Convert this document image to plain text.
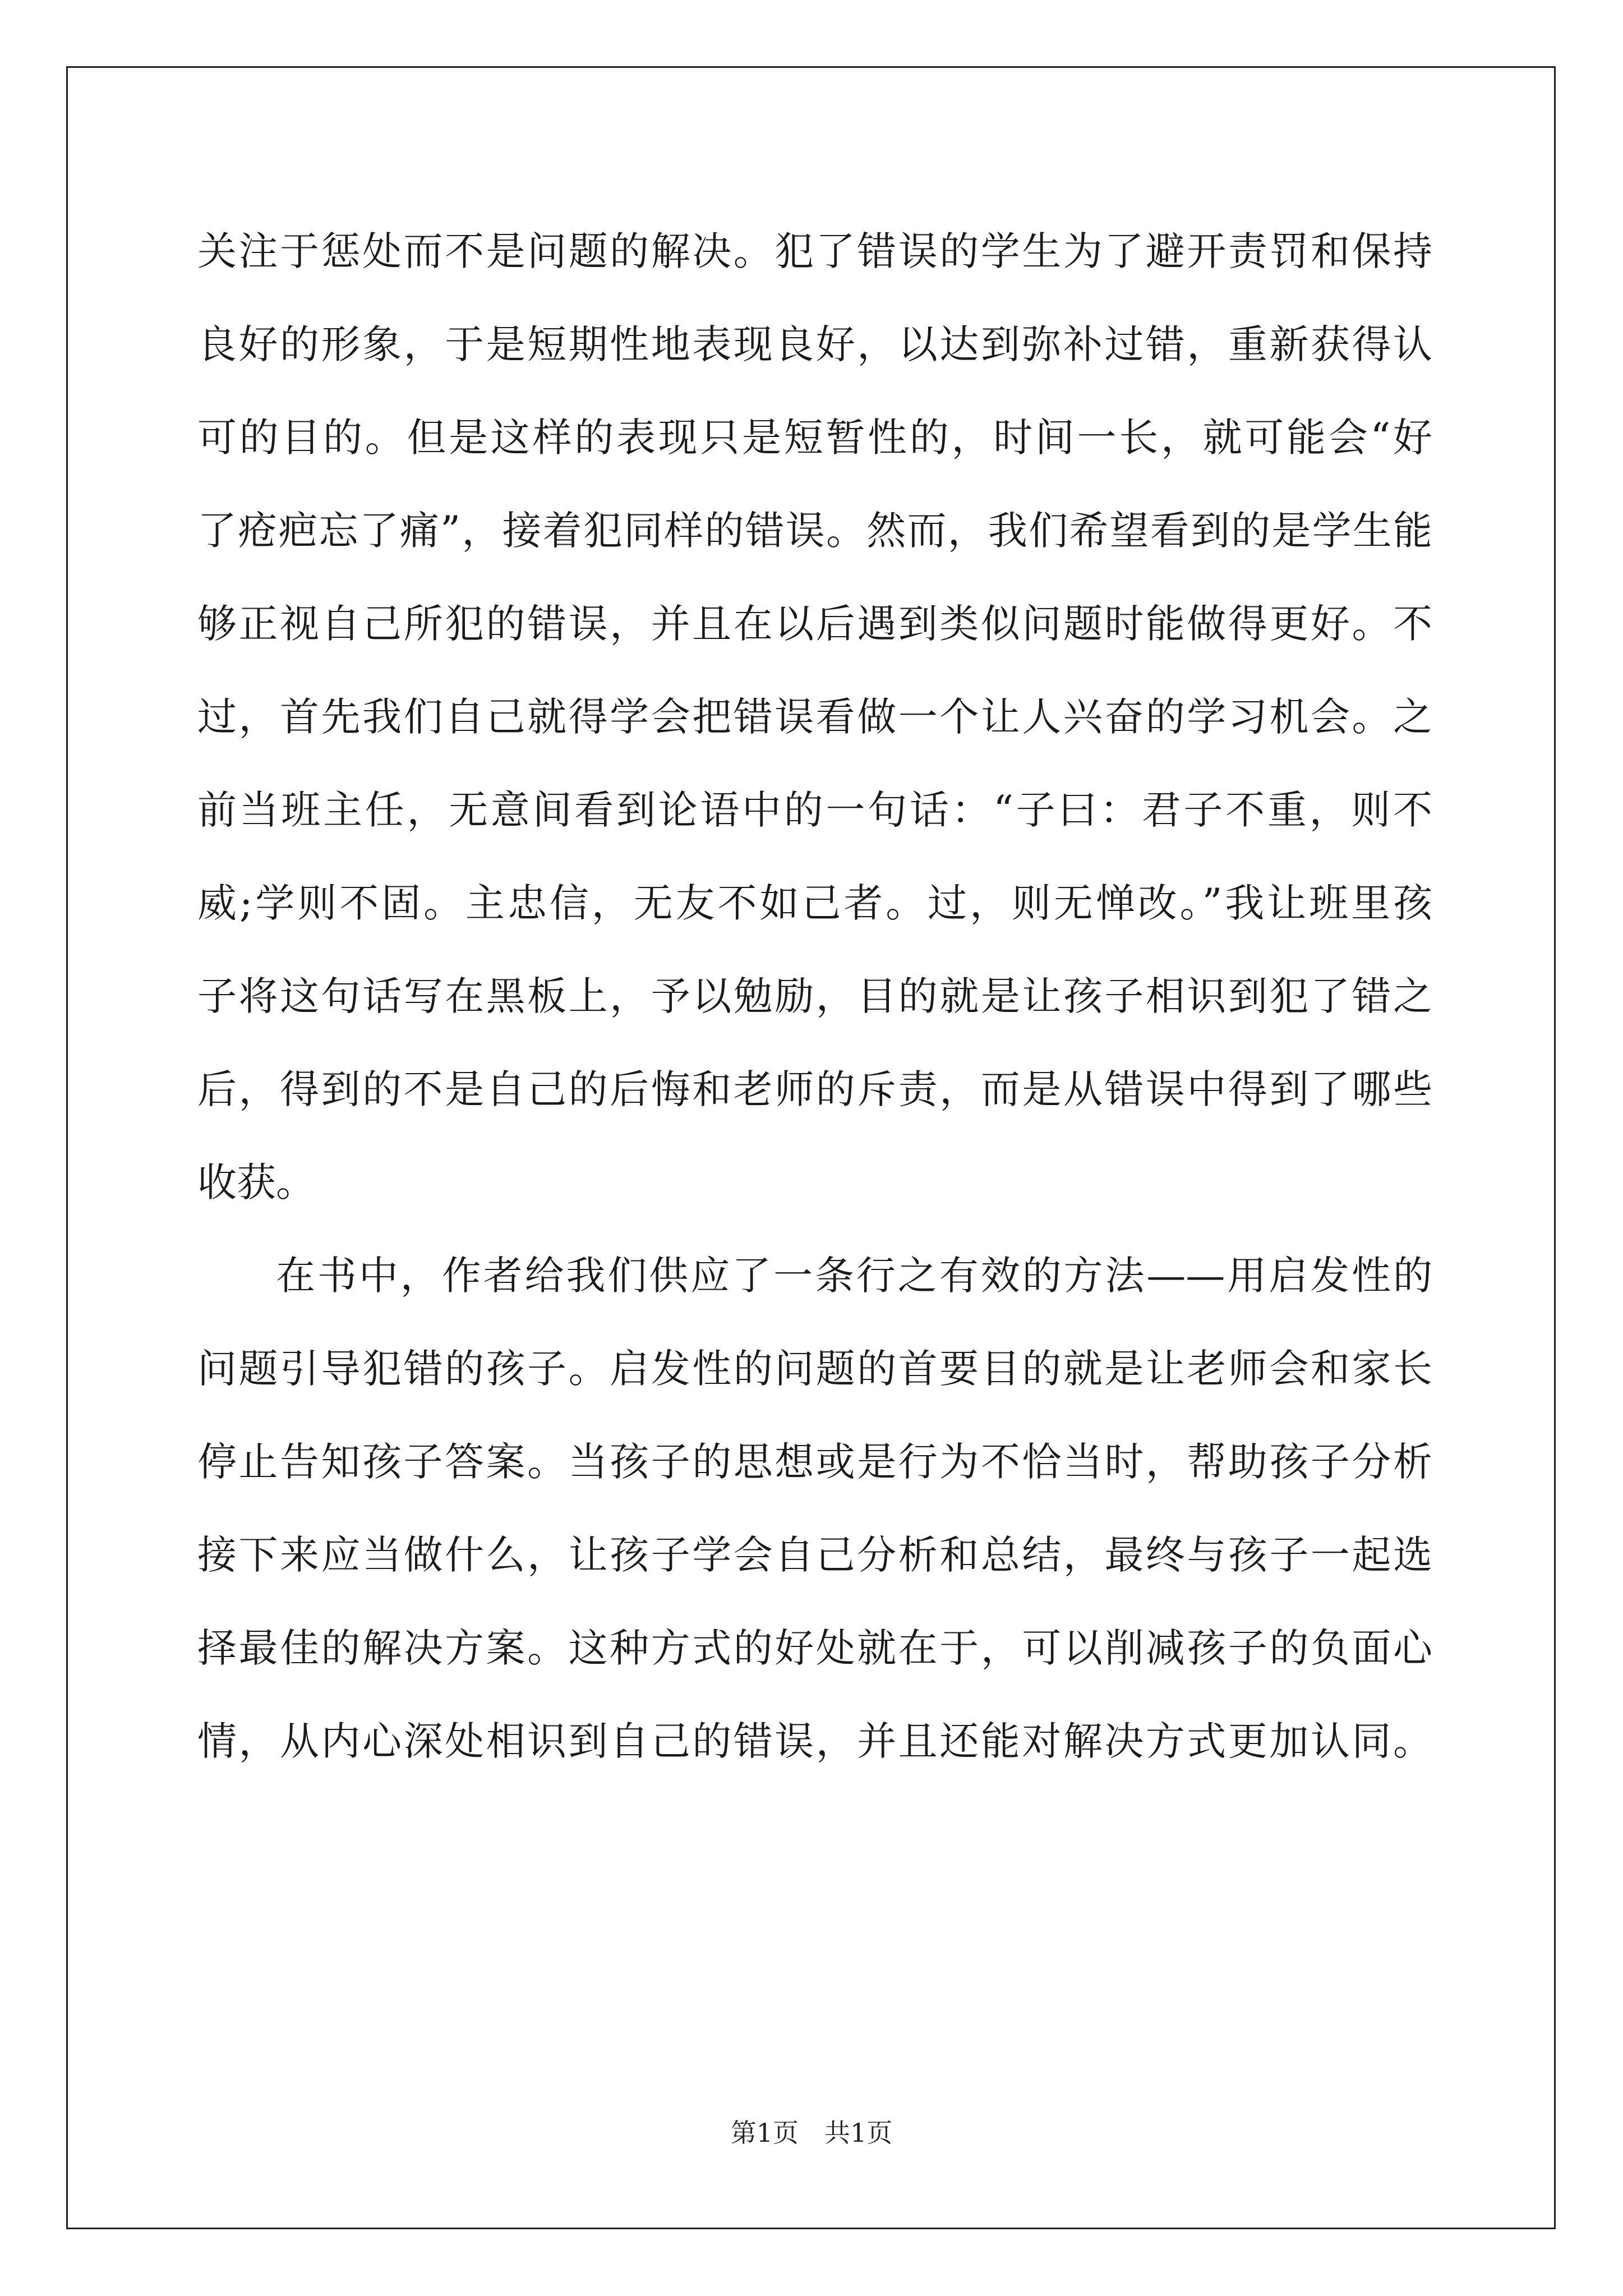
关注于惩处而不是问题的解决。犯了错误的学生为了避开责罚和保持
良好的形象，于是短期性地表现良好，以达到弥补过错，重新获得认
可的目的。但是这样的表现只是短暂性的，时间一长，就可能会“好
了疮疤忘了痛”，接着犯同样的错误。然而，我们希望看到的是学生能
够正视自己所犯的错误，并且在以后遇到类似问题时能做得更好。不
过，首先我们自己就得学会把错误看做一个让人兴奋的学习机会。之
前当班主任，无意间看到论语中的一句话：“子曰：君子不重，则不
威;学则不固。主忠信，无友不如己者。过，则无惮改。”我让班里孩
子将这句话写在黑板上，予以勉励，目的就是让孩子相识到犯了错之
后，得到的不是自己的后悔和老师的斥责，而是从错误中得到了哪些
收获。
在书中，作者给我们供应了一条行之有效的方法——用启发性的
问题引导犯错的孩子。启发性的问题的首要目的就是让老师会和家长
停止告知孩子答案。当孩子的思想或是行为不恰当时，帮助孩子分析
接下来应当做什么，让孩子学会自己分析和总结，最终与孩子一起选
择最佳的解决方案。这种方式的好处就在于，可以削减孩子的负面心
情，从内心深处相识到自己的错误，并且还能对解决方式更加认同。
第1页　共1页
